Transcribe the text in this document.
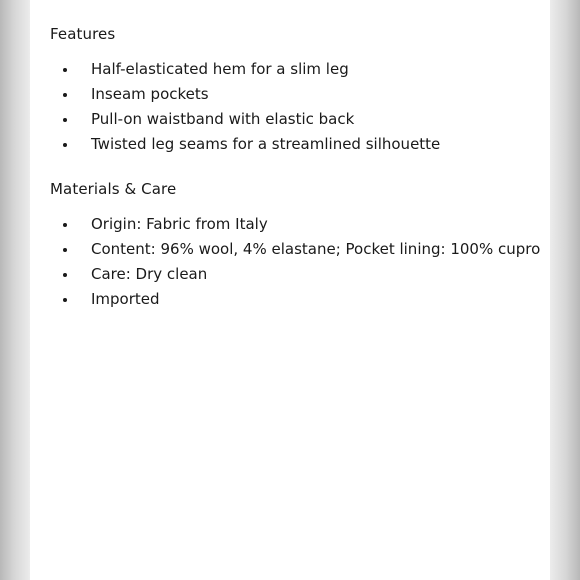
Features
Half-elasticated hem for a slim leg
Inseam pockets
Pull-on waistband with elastic back
Twisted leg seams for a streamlined silhouette
Materials & Care
Origin: Fabric from Italy
Content: 96% wool, 4% elastane; Pocket lining: 100% cupro
Care: Dry clean
Imported
